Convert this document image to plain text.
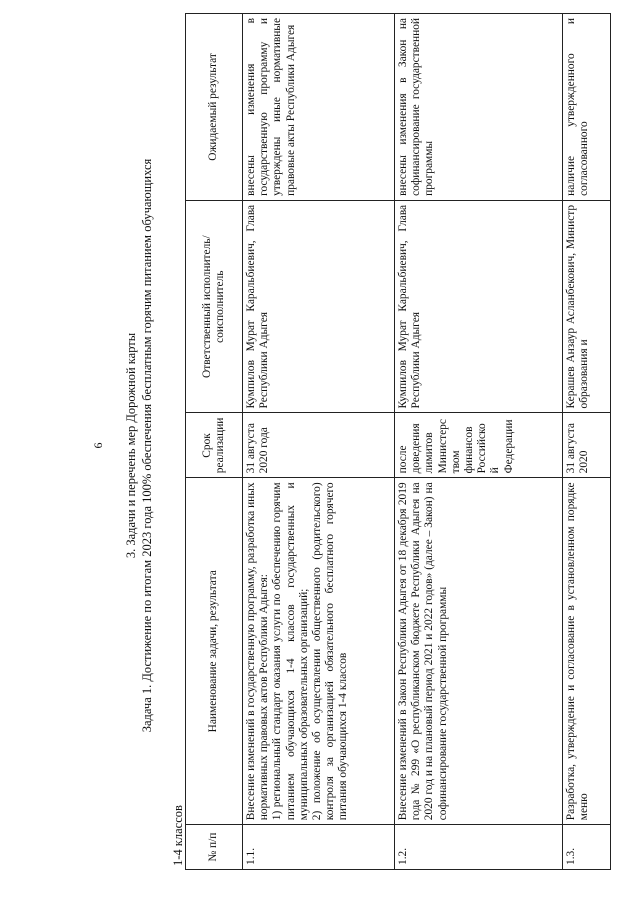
6 3. Задачи и перечень мер Дорожной карты Задача 1. Достижение по итогам 2023 года 100% обеспечения бесплатным горячим питанием обучающихся
1-4 классов № п/п	Наименование задачи, результата	Срок реализации	Ответственный исполнитель/соисполнитель	Ожидаемый результат
1.1.	Внесение изменений в государственную программу, разработка иных нормативных правовых актов Республики Адыгея: 1) региональный стандарт оказания услуги по обеспечению горячим питанием обучающихся 1-4 классов государственных и муниципальных образовательных организаций; 2) положение об осуществлении общественного (родительского) контроля за организацией обязательного бесплатного горячего питания обучающихся 1-4 классов	31 августа 2020 года	Кумпилов Мурат Каральбиевич, Глава Республики Адыгея	внесены изменения в государственную программу и утверждены иные нормативные правовые акты Республики Адыгея
1.2.	Внесение изменений в Закон Республики Адыгея от 18 декабря 2019 года № 299 «О республиканском бюджете Республики Адыгея на 2020 год и на плановый период 2021 и 2022 годов» (далее – Закон) на софинансирование государственной программы	после доведения лимитов Министерством финансов Российской Федерации	Кумпилов Мурат Каральбиевич, Глава Республики Адыгея	внесены изменения в Закон на софинансирование государственной программы
1.3.	Разработка, утверждение и согласование в установленном порядке меню	31 августа 2020	Керашев Анзаур Асланбекович, Министр образования и	наличие утвержденного и согласованного
